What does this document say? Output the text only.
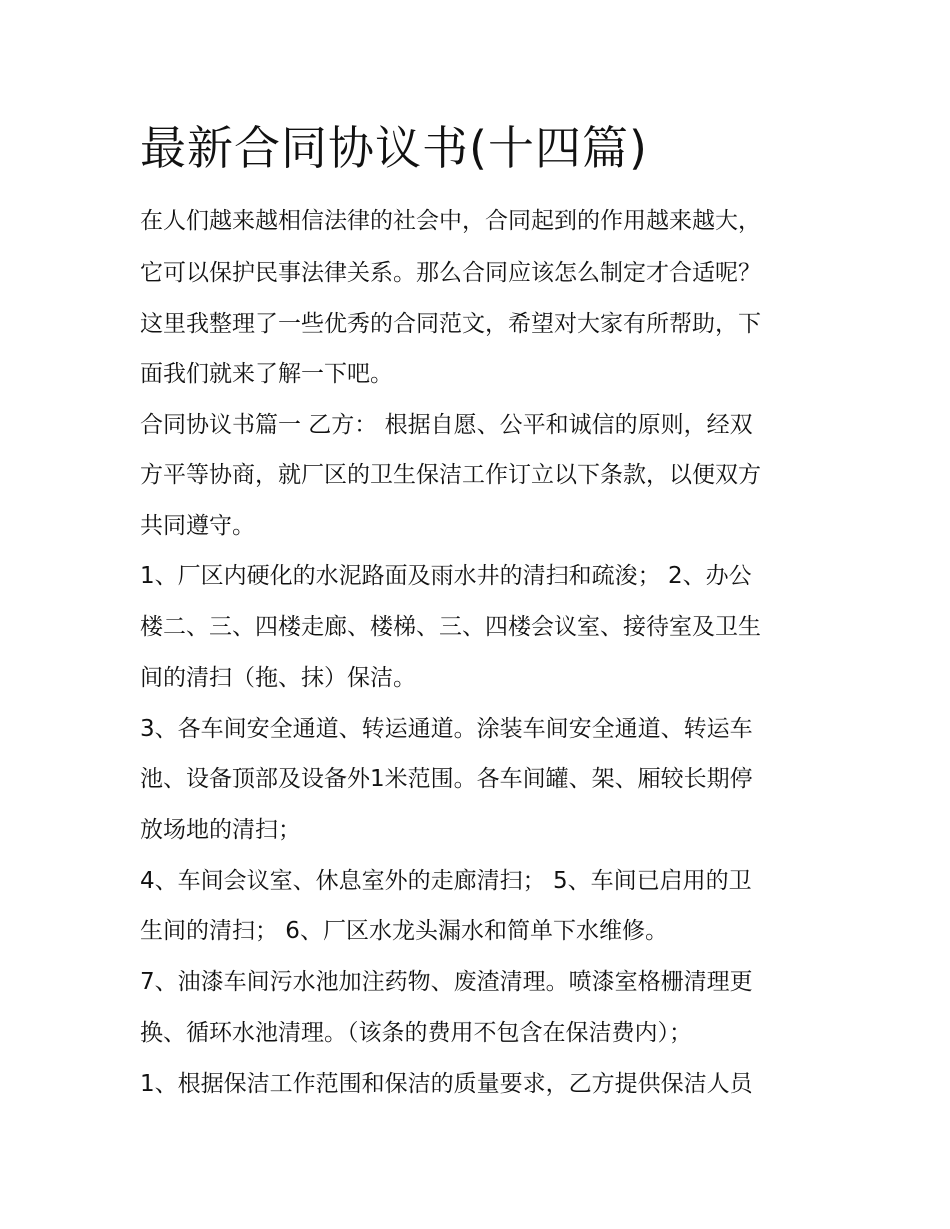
最新合同协议书(十四篇)

在人们越来越相信法律的社会中，合同起到的作用越来越大，

它可以保护民事法律关系。那么合同应该怎么制定才合适呢？

这里我整理了一些优秀的合同范文，希望对大家有所帮助，下

面我们就来了解一下吧。

合同协议书篇一 乙方： 根据自愿、公平和诚信的原则，经双

方平等协商，就厂区的卫生保洁工作订立以下条款，以便双方

共同遵守。

1、厂区内硬化的水泥路面及雨水井的清扫和疏浚； 2、办公

楼二、三、四楼走廊、楼梯、三、四楼会议室、接待室及卫生

间的清扫（拖、抹）保洁。

3、各车间安全通道、转运通道。涂装车间安全通道、转运车

池、设备顶部及设备外1米范围。各车间罐、架、厢较长期停

放场地的清扫；

4、车间会议室、休息室外的走廊清扫； 5、车间已启用的卫

生间的清扫； 6、厂区水龙头漏水和简单下水维修。

7、油漆车间污水池加注药物、废渣清理。喷漆室格栅清理更

换、循环水池清理。（该条的费用不包含在保洁费内）；

1、根据保洁工作范围和保洁的质量要求，乙方提供保洁人员
